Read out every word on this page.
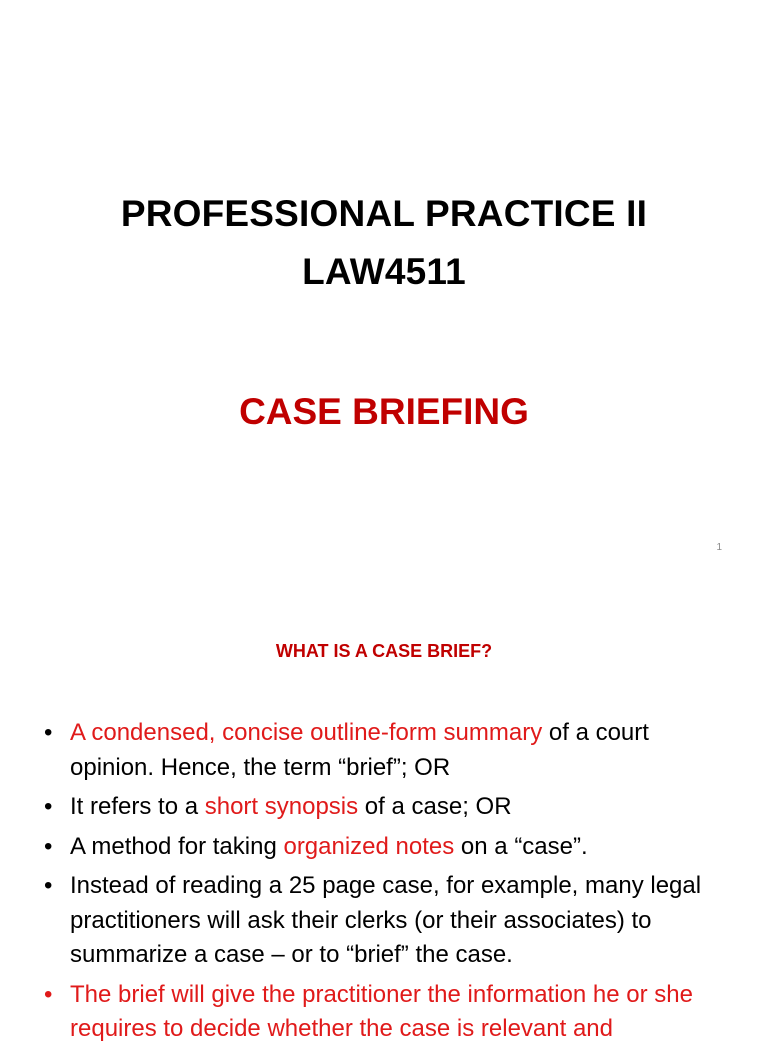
PROFESSIONAL PRACTICE II
LAW4511
CASE BRIEFING
1
WHAT IS A CASE BRIEF?
• A condensed, concise outline-form summary of a court opinion. Hence, the term “brief”; OR
• It refers to a short synopsis of a case; OR
• A method for taking organized notes on a “case”.
• Instead of reading a 25 page case, for example, many legal practitioners will ask their clerks (or their associates) to summarize a case – or to “brief” the case.
• The brief will give the practitioner the information he or she requires to decide whether the case is relevant and
